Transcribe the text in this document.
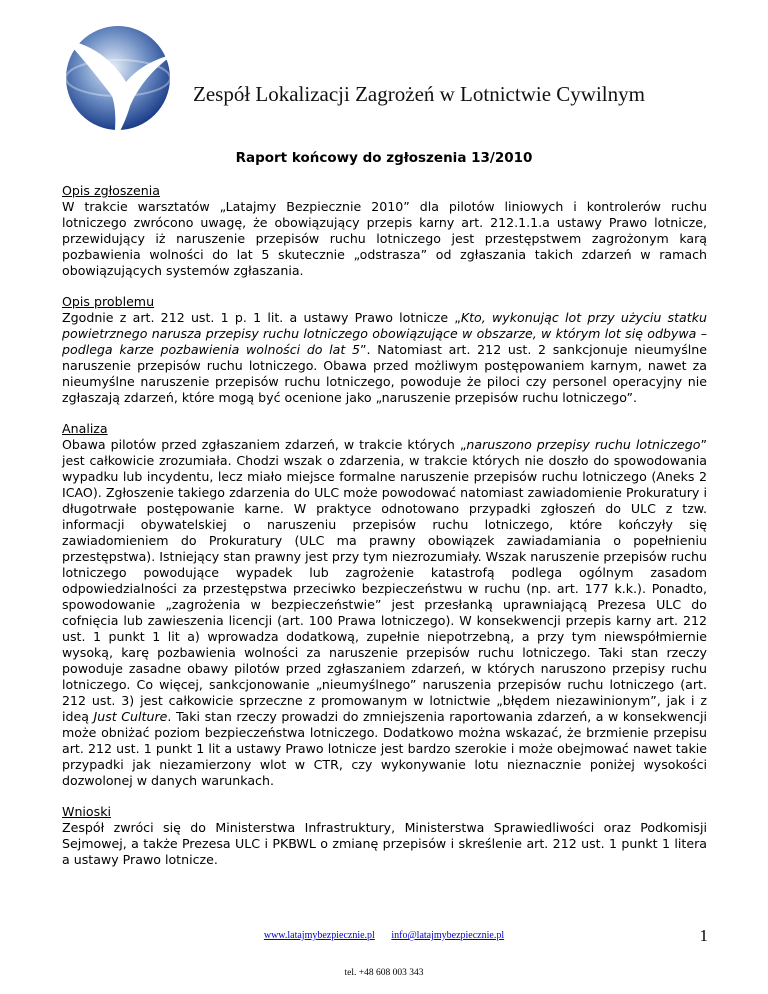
Zespół Lokalizacji Zagrożeń w Lotnictwie Cywilnym
Raport końcowy do zgłoszenia 13/2010
Opis zgłoszenia
W trakcie warsztatów „Latajmy Bezpiecznie 2010” dla pilotów liniowych i kontrolerów ruchu lotniczego zwrócono uwagę, że obowiązujący przepis karny art. 212.1.1.a ustawy Prawo lotnicze, przewidujący iż naruszenie przepisów ruchu lotniczego jest przestępstwem zagrożonym karą pozbawienia wolności do lat 5 skutecznie „odstrasza” od zgłaszania takich zdarzeń w ramach obowiązujących systemów zgłaszania.
Opis problemu
Zgodnie z art. 212 ust. 1 p. 1 lit. a ustawy Prawo lotnicze „Kto, wykonując lot przy użyciu statku powietrznego narusza przepisy ruchu lotniczego obowiązujące w obszarze, w którym lot się odbywa – podlega karze pozbawienia wolności do lat 5”. Natomiast art. 212 ust. 2 sankcjonuje nieumyślne naruszenie przepisów ruchu lotniczego. Obawa przed możliwym postępowaniem karnym, nawet za nieumyślne naruszenie przepisów ruchu lotniczego, powoduje że piloci czy personel operacyjny nie zgłaszają zdarzeń, które mogą być ocenione jako „naruszenie przepisów ruchu lotniczego”.
Analiza
Obawa pilotów przed zgłaszaniem zdarzeń, w trakcie których „naruszono przepisy ruchu lotniczego” jest całkowicie zrozumiała. Chodzi wszak o zdarzenia, w trakcie których nie doszło do spowodowania wypadku lub incydentu, lecz miało miejsce formalne naruszenie przepisów ruchu lotniczego (Aneks 2 ICAO). Zgłoszenie takiego zdarzenia do ULC może powodować natomiast zawiadomienie Prokuratury i długotrwałe postępowanie karne. W praktyce odnotowano przypadki zgłoszeń do ULC z tzw. informacji obywatelskiej o naruszeniu przepisów ruchu lotniczego, które kończyły się zawiadomieniem do Prokuratury (ULC ma prawny obowiązek zawiadamiania o popełnieniu przestępstwa). Istniejący stan prawny jest przy tym niezrozumiały. Wszak naruszenie przepisów ruchu lotniczego powodujące wypadek lub zagrożenie katastrofą podlega ogólnym zasadom odpowiedzialności za przestępstwa przeciwko bezpieczeństwu w ruchu (np. art. 177 k.k.). Ponadto, spowodowanie „zagrożenia w bezpieczeństwie” jest przesłanką uprawniającą Prezesa ULC do cofnięcia lub zawieszenia licencji (art. 100 Prawa lotniczego). W konsekwencji przepis karny art. 212 ust. 1 punkt 1 lit a) wprowadza dodatkową, zupełnie niepotrzebną, a przy tym niewspółmiernie wysoką, karę pozbawienia wolności za naruszenie przepisów ruchu lotniczego. Taki stan rzeczy powoduje zasadne obawy pilotów przed zgłaszaniem zdarzeń, w których naruszono przepisy ruchu lotniczego. Co więcej, sankcjonowanie „nieumyślnego” naruszenia przepisów ruchu lotniczego (art. 212 ust. 3) jest całkowicie sprzeczne z promowanym w lotnictwie „błędem niezawinionym”, jak i z ideą Just Culture. Taki stan rzeczy prowadzi do zmniejszenia raportowania zdarzeń, a w konsekwencji może obniżać poziom bezpieczeństwa lotniczego. Dodatkowo można wskazać, że brzmienie przepisu art. 212 ust. 1 punkt 1 lit a ustawy Prawo lotnicze jest bardzo szerokie i może obejmować nawet takie przypadki jak niezamierzony wlot w CTR, czy wykonywanie lotu nieznacznie poniżej wysokości dozwolonej w danych warunkach.
Wnioski
Zespół zwróci się do Ministerstwa Infrastruktury, Ministerstwa Sprawiedliwości oraz Podkomisji Sejmowej, a także Prezesa ULC i PKBWL o zmianę przepisów i skreślenie art. 212 ust. 1 punkt 1 litera a ustawy Prawo lotnicze.
www.latajmybezpiecznie.pl info@latajmybezpiecznie.pl
tel. +48 608 003 343
1
